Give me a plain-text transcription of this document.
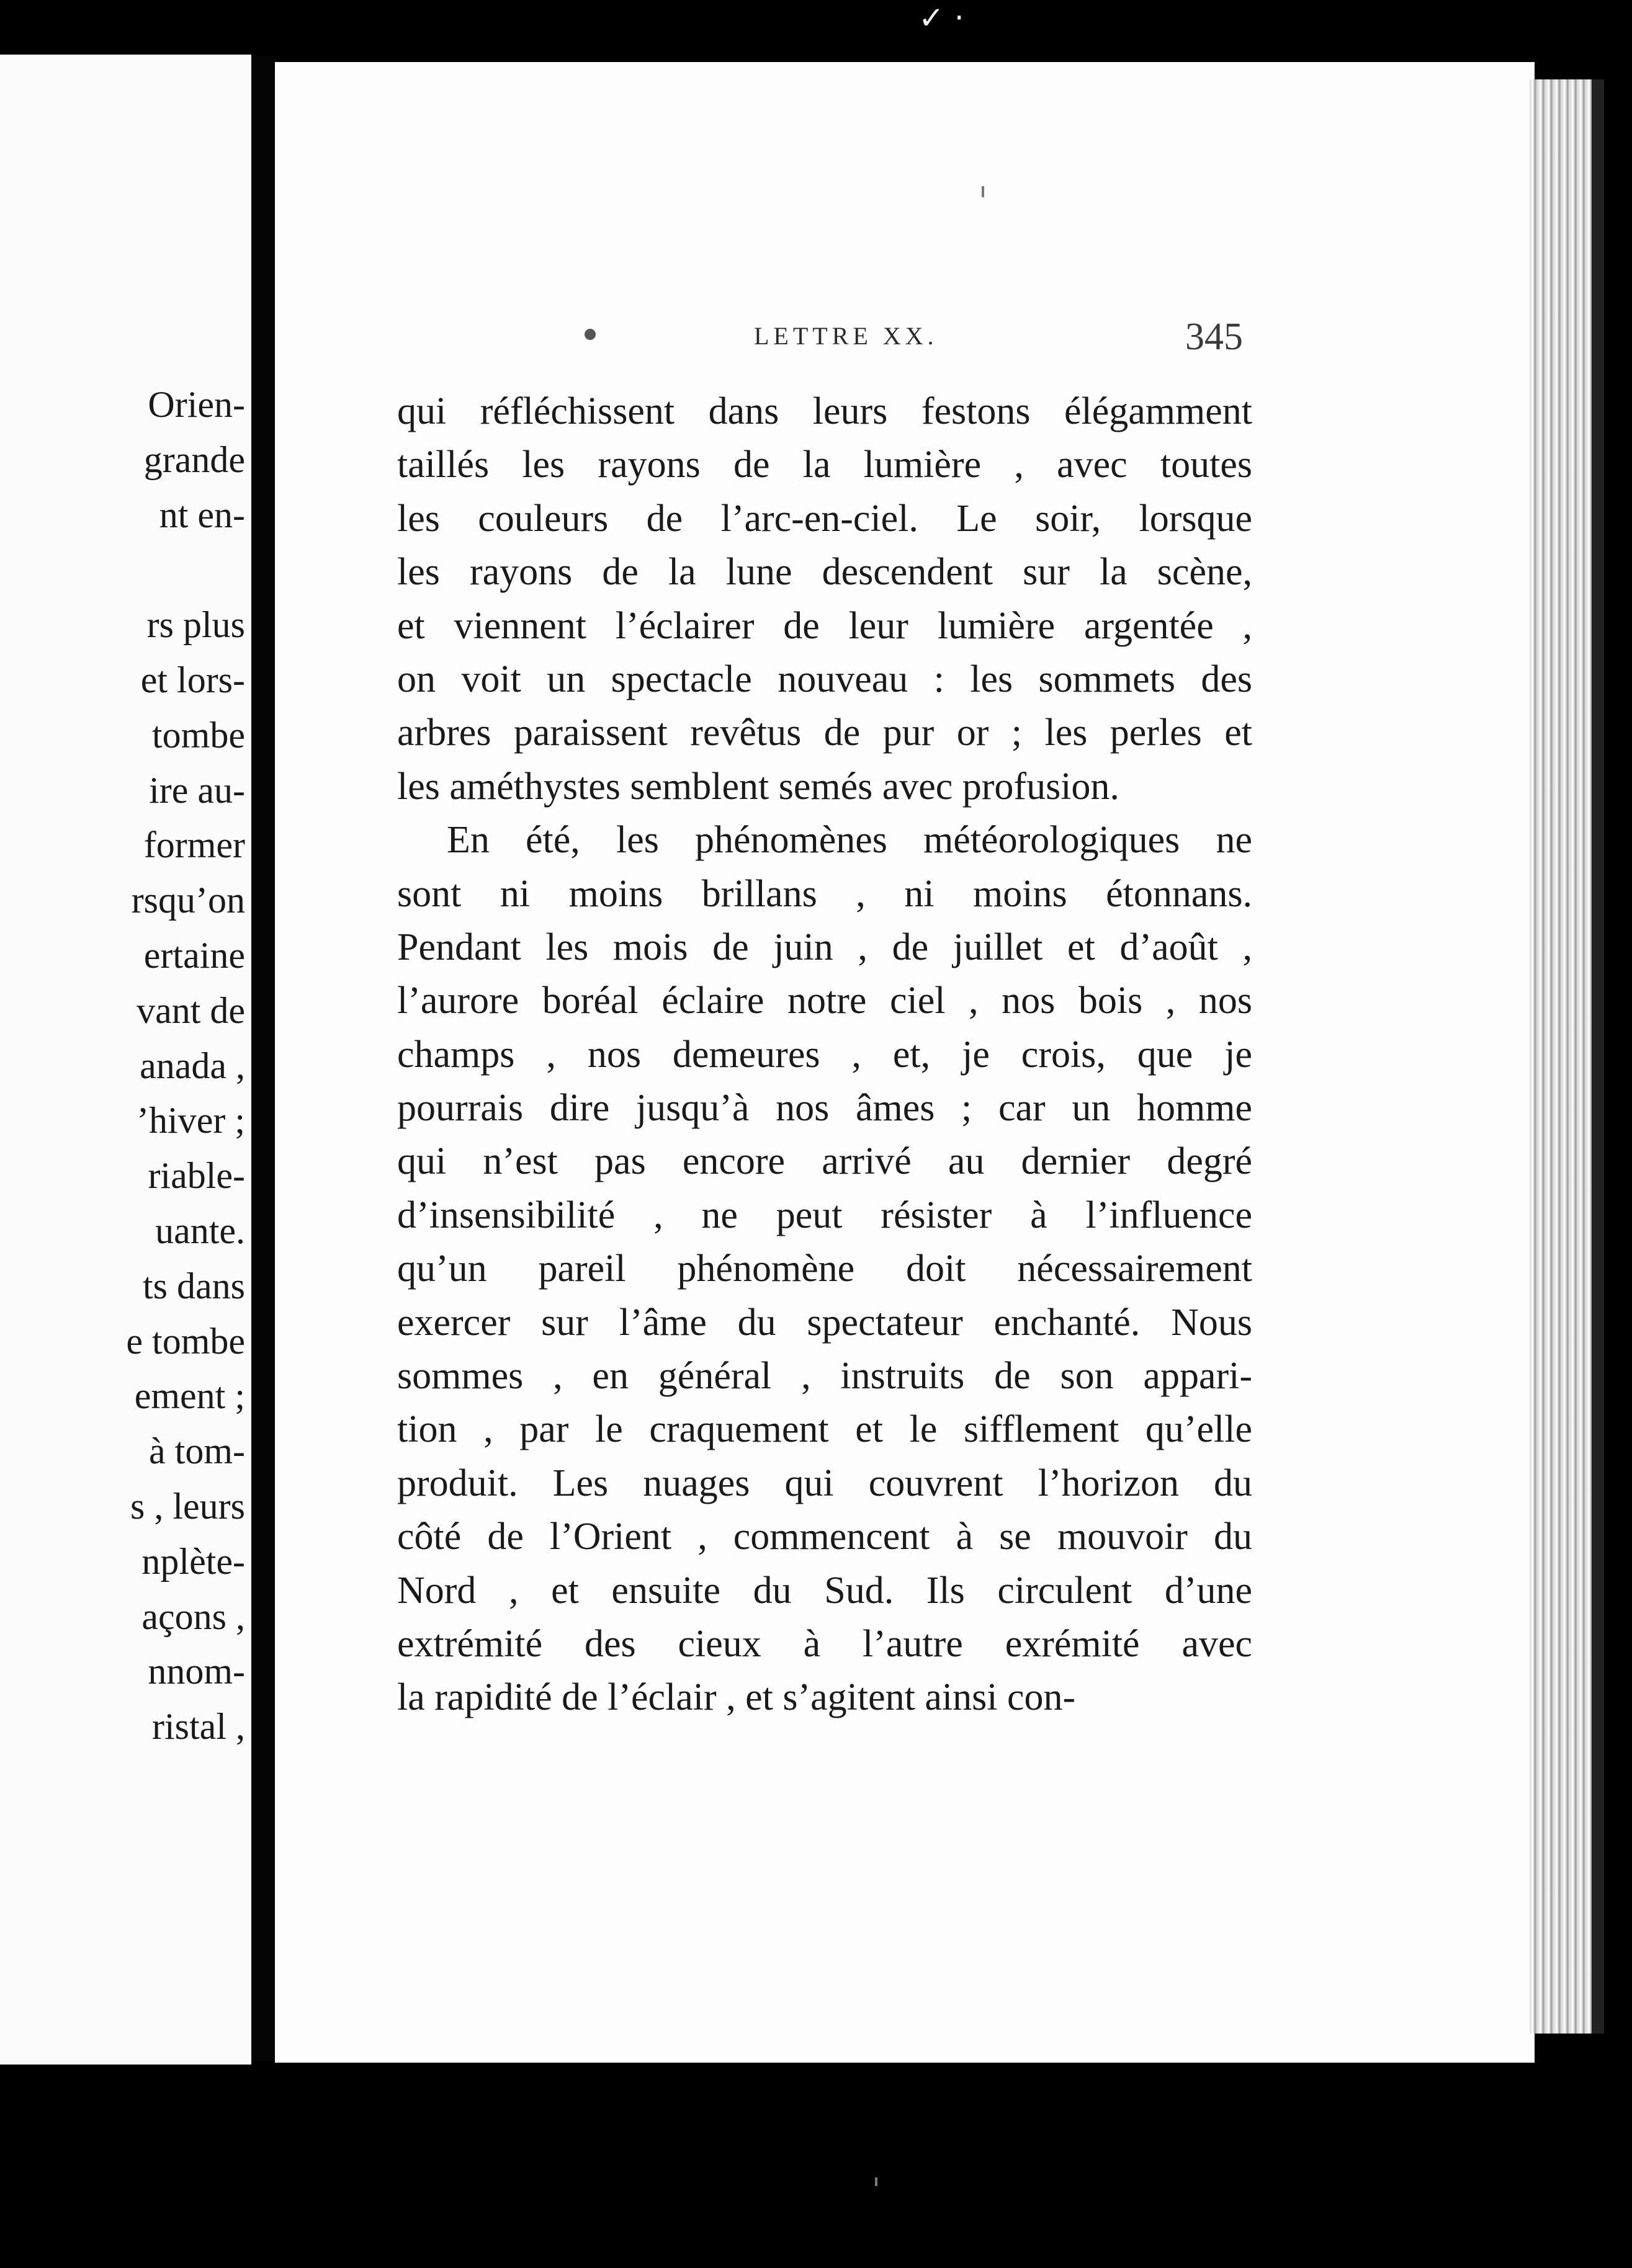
✓ ·
Orien-
grande
nt en-

rs plus
et lors-
tombe
ire au-
former
rsqu’on
ertaine
vant de
anada ,
’hiver ;
riable-
uante.
ts dans
e tombe
ement ;
à tom-
s , leurs
nplète-
açons ,
nnom-
ristal ,
LETTRE XX.	345
qui réfléchissent dans leurs festons élégamment
taillés les rayons de la lumière , avec toutes
les couleurs de l’arc-en-ciel. Le soir, lorsque
les rayons de la lune descendent sur la scène,
et viennent l’éclairer de leur lumière argentée ,
on voit un spectacle nouveau : les sommets des
arbres paraissent revêtus de pur or ; les perles et
les améthystes semblent semés avec profusion.
En été, les phénomènes météorologiques ne
sont ni moins brillans , ni moins étonnans.
Pendant les mois de juin , de juillet et d’août ,
l’aurore boréal éclaire notre ciel , nos bois , nos
champs , nos demeures , et, je crois, que je
pourrais dire jusqu’à nos âmes ; car un homme
qui n’est pas encore arrivé au dernier degré
d’insensibilité , ne peut résister à l’influence
qu’un pareil phénomène doit nécessairement
exercer sur l’âme du spectateur enchanté. Nous
sommes , en général , instruits de son appari-
tion , par le craquement et le sifflement qu’elle
produit. Les nuages qui couvrent l’horizon du
côté de l’Orient , commencent à se mouvoir du
Nord , et ensuite du Sud. Ils circulent d’une
extrémité des cieux à l’autre exrémité avec
la rapidité de l’éclair , et s’agitent ainsi con-
